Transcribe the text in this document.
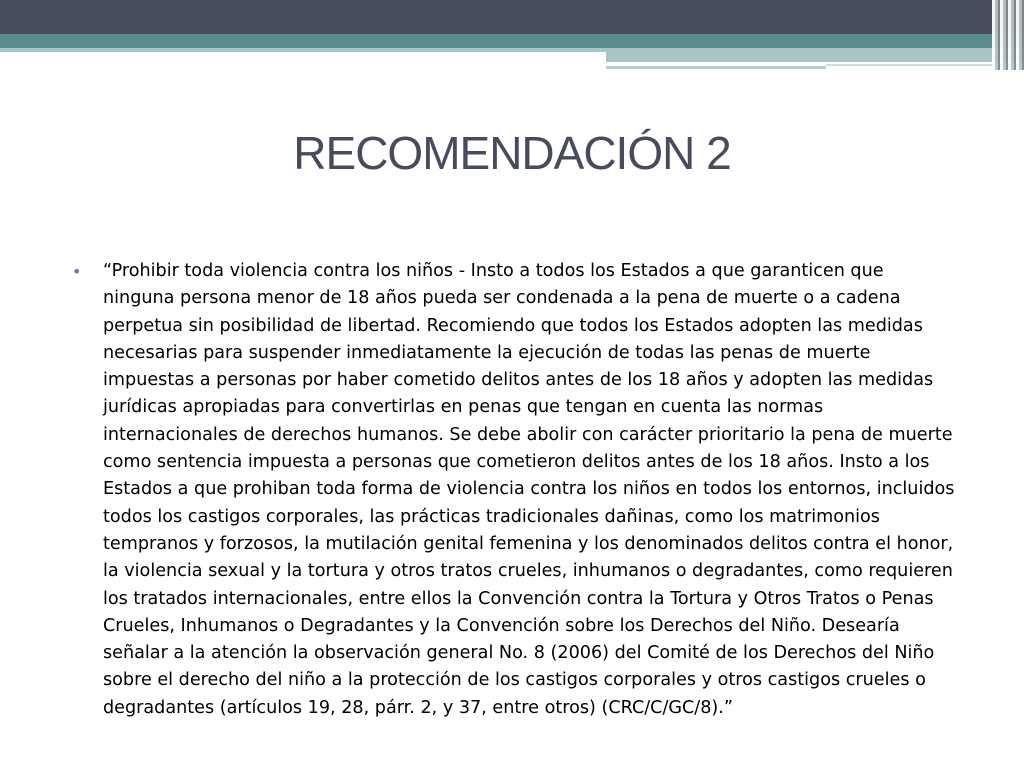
RECOMENDACIÓN 2
• “Prohibir toda violencia contra los niños - Insto a todos los Estados a que garanticen que ninguna persona menor de 18 años pueda ser condenada a la pena de muerte o a cadena perpetua sin posibilidad de libertad. Recomiendo que todos los Estados adopten las medidas necesarias para suspender inmediatamente la ejecución de todas las penas de muerte impuestas a personas por haber cometido delitos antes de los 18 años y adopten las medidas jurídicas apropiadas para convertirlas en penas que tengan en cuenta las normas internacionales de derechos humanos. Se debe abolir con carácter prioritario la pena de muerte como sentencia impuesta a personas que cometieron delitos antes de los 18 años. Insto a los Estados a que prohiban toda forma de violencia contra los niños en todos los entornos, incluidos todos los castigos corporales, las prácticas tradicionales dañinas, como los matrimonios tempranos y forzosos, la mutilación genital femenina y los denominados delitos contra el honor, la violencia sexual y la tortura y otros tratos crueles, inhumanos o degradantes, como requieren los tratados internacionales, entre ellos la Convención contra la Tortura y Otros Tratos o Penas Crueles, Inhumanos o Degradantes y la Convención sobre los Derechos del Niño. Desearía señalar a la atención la observación general No. 8 (2006) del Comité de los Derechos del Niño sobre el derecho del niño a la protección de los castigos corporales y otros castigos crueles o degradantes (artículos 19, 28, párr. 2, y 37, entre otros) (CRC/C/GC/8).”
